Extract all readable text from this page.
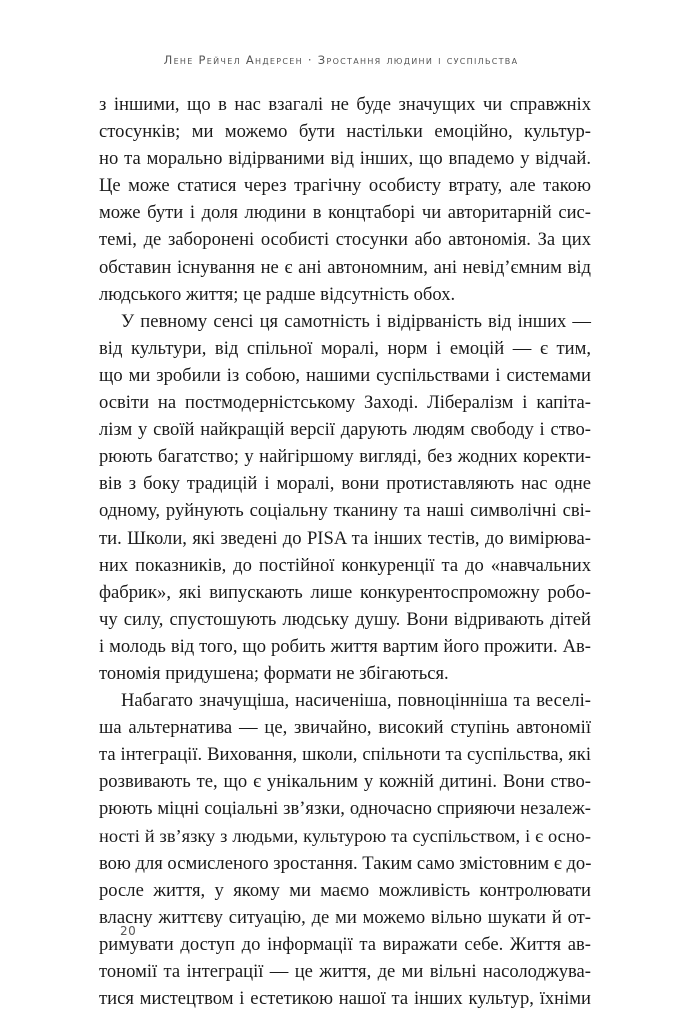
Лене Рейчел Андерсен · Зростання людини і суспільства
з іншими, що в нас взагалі не буде значущих чи справжніх
стосунків; ми можемо бути настільки емоційно, культур-
но та морально відірваними від інших, що впадемо у відчай.
Це може статися через трагічну особисту втрату, але такою
може бути і доля людини в концтаборі чи авторитарній сис-
темі, де заборонені особисті стосунки або автономія. За цих
обставин існування не є ані автономним, ані невід’ємним від
людського життя; це радше відсутність обох.
У певному сенсі ця самотність і відірваність від інших —
від культури, від спільної моралі, норм і емоцій — є тим,
що ми зробили із собою, нашими суспільствами і системами
освіти на постмодерністському Заході. Лібералізм і капіта-
лізм у своїй найкращій версії дарують людям свободу і ство-
рюють багатство; у найгіршому вигляді, без жодних коректи-
вів з боку традицій і моралі, вони протиставляють нас одне
одному, руйнують соціальну тканину та наші символічні сві-
ти. Школи, які зведені до PISA та інших тестів, до вимірюва-
них показників, до постійної конкуренції та до «навчальних
фабрик», які випускають лише конкурентоспроможну робо-
чу силу, спустошують людську душу. Вони відривають дітей
і молодь від того, що робить життя вартим його прожити. Ав-
тономія придушена; формати не збігаються.
Набагато значущіша, насиченіша, повноцінніша та веселі-
ша альтернатива — це, звичайно, високий ступінь автономії
та інтеграції. Виховання, школи, спільноти та суспільства, які
розвивають те, що є унікальним у кожній дитині. Вони ство-
рюють міцні соціальні зв’язки, одночасно сприяючи незалеж-
ності й зв’язку з людьми, культурою та суспільством, і є осно-
вою для осмисленого зростання. Таким само змістовним є до-
росле життя, у якому ми маємо можливість контролювати
власну життєву ситуацію, де ми можемо вільно шукати й от-
римувати доступ до інформації та виражати себе. Життя ав-
тономії та інтеграції — це життя, де ми вільні насолоджува-
тися мистецтвом і естетикою нашої та інших культур, їхніми
20
